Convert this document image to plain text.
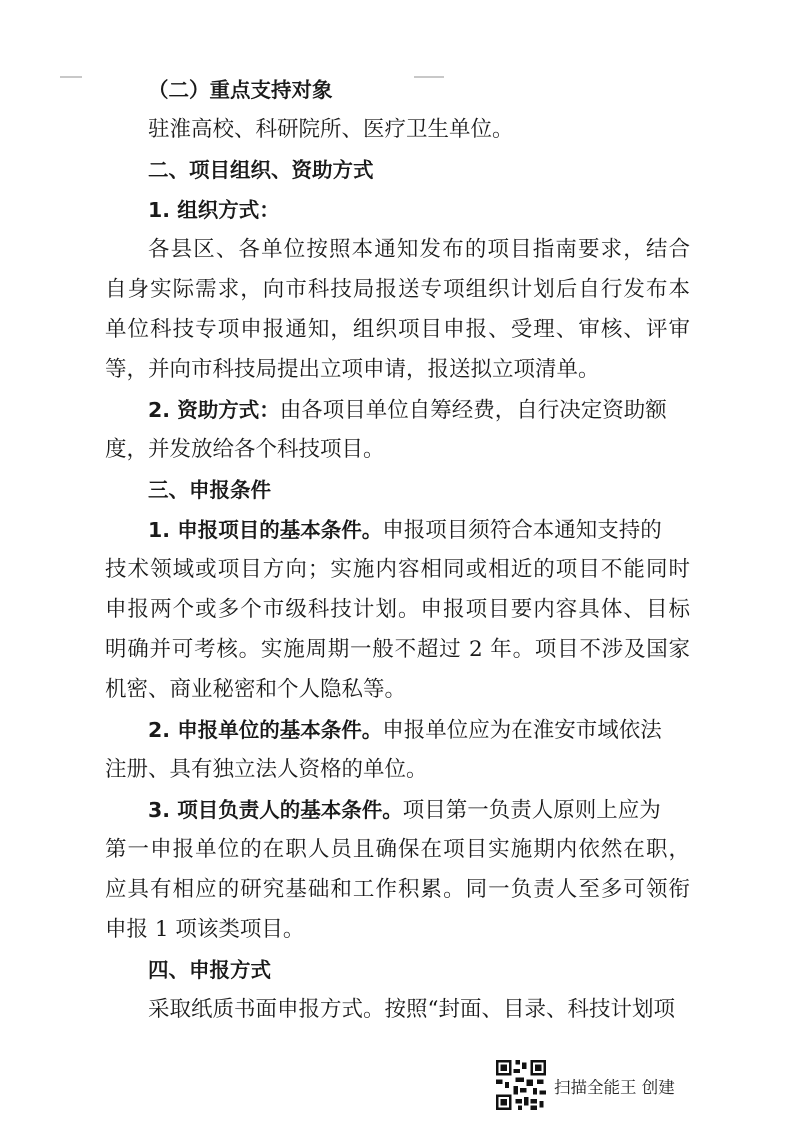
（二）重点支持对象
驻淮高校、科研院所、医疗卫生单位。
二、项目组织、资助方式
1. 组织方式：
各县区、各单位按照本通知发布的项目指南要求，结合
自身实际需求，向市科技局报送专项组织计划后自行发布本
单位科技专项申报通知，组织项目申报、受理、审核、评审
等，并向市科技局提出立项申请，报送拟立项清单。
2. 资助方式：由各项目单位自筹经费，自行决定资助额
度，并发放给各个科技项目。
三、申报条件
1. 申报项目的基本条件。申报项目须符合本通知支持的
技术领域或项目方向；实施内容相同或相近的项目不能同时
申报两个或多个市级科技计划。申报项目要内容具体、目标
明确并可考核。实施周期一般不超过 2 年。项目不涉及国家
机密、商业秘密和个人隐私等。
2. 申报单位的基本条件。申报单位应为在淮安市域依法
注册、具有独立法人资格的单位。
3. 项目负责人的基本条件。项目第一负责人原则上应为
第一申报单位的在职人员且确保在项目实施期内依然在职，
应具有相应的研究基础和工作积累。同一负责人至多可领衔
申报 1 项该类项目。
四、申报方式
采取纸质书面申报方式。按照“封面、目录、科技计划项
扫描全能王 创建
